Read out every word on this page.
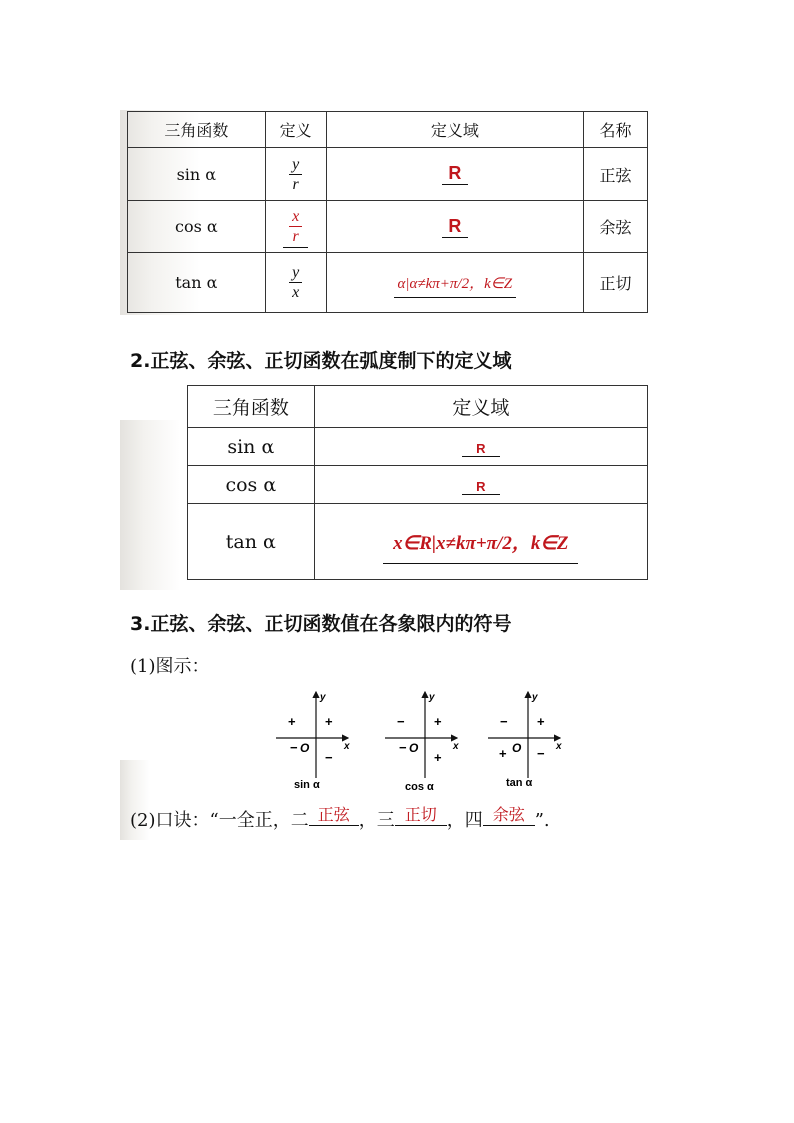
三角函数	定义	定义域	名称
sin α	$\frac{y}{r}$	R	正弦
cos α	$\frac{x}{r}$	R	余弦
tan α	$\frac{y}{x}$	α|α≠kπ+π/2，k∈Z	正切
2.正弦、余弦、正切函数在弧度制下的定义域
三角函数	定义域
sin α	R
cos α	R
tan α	x∈R|x≠kπ+π/2，k∈Z
3.正弦、余弦、正切函数值在各象限内的符号
(1)图示：
y
x
O
+ +
−
−
sin α
y
x
O
− +
−
+
cos α
y
x
O
− +
+ −
tan α
(2)口诀：“一全正，二 正弦 ，三 正切 ，四 余弦 ”.
